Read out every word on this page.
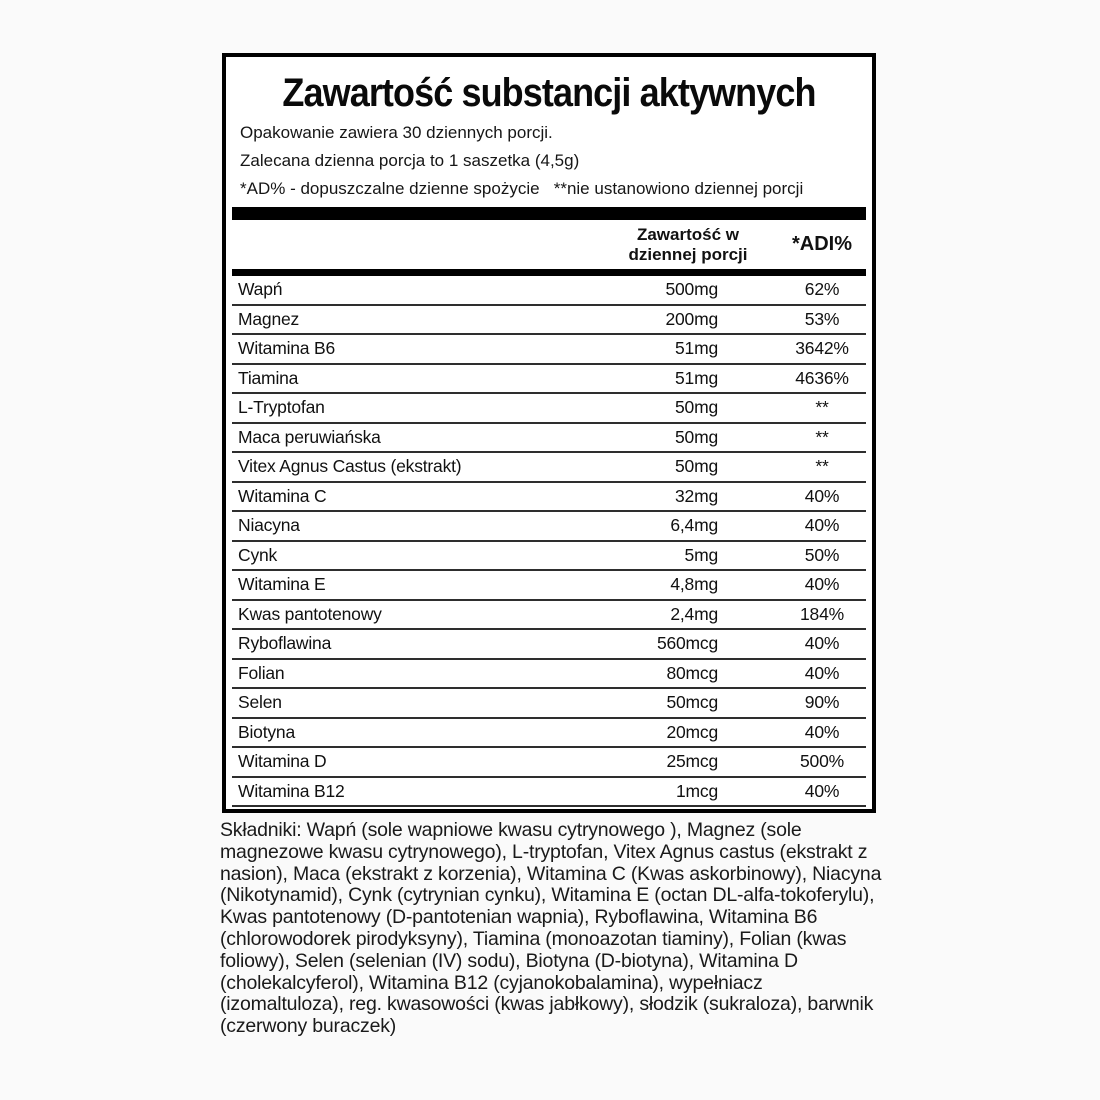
Zawartość substancji aktywnych
Opakowanie zawiera 30 dziennych porcji.
Zalecana dzienna porcja to 1 saszetka (4,5g)
*AD% - dopuszczalne dzienne spożycie   **nie ustanowiono dziennej porcji
Zawartość w
dziennej porcji	*ADI%
Wapń	500mg	62%
Magnez	200mg	53%
Witamina B6	51mg	3642%
Tiamina	51mg	4636%
L-Tryptofan	50mg	**
Maca peruwiańska	50mg	**
Vitex Agnus Castus (ekstrakt)	50mg	**
Witamina C	32mg	40%
Niacyna	6,4mg	40%
Cynk	5mg	50%
Witamina E	4,8mg	40%
Kwas pantotenowy	2,4mg	184%
Ryboflawina	560mcg	40%
Folian	80mcg	40%
Selen	50mcg	90%
Biotyna	20mcg	40%
Witamina D	25mcg	500%
Witamina B12	1mcg	40%

Składniki: Wapń (sole wapniowe kwasu cytrynowego ), Magnez (sole magnezowe kwasu cytrynowego), L-tryptofan, Vitex Agnus castus (ekstrakt z nasion), Maca (ekstrakt z korzenia), Witamina C (Kwas askorbinowy), Niacyna (Nikotynamid), Cynk (cytrynian cynku), Witamina E (octan DL-alfa-tokoferylu), Kwas pantotenowy (D-pantotenian wapnia), Ryboflawina, Witamina B6 (chlorowodorek pirodyksyny), Tiamina (monoazotan tiaminy), Folian (kwas foliowy), Selen (selenian (IV) sodu), Biotyna (D-biotyna), Witamina D (cholekalcyferol), Witamina B12 (cyjanokobalamina), wypełniacz (izomaltuloza), reg. kwasowości (kwas jabłkowy), słodzik (sukraloza), barwnik (czerwony buraczek)
